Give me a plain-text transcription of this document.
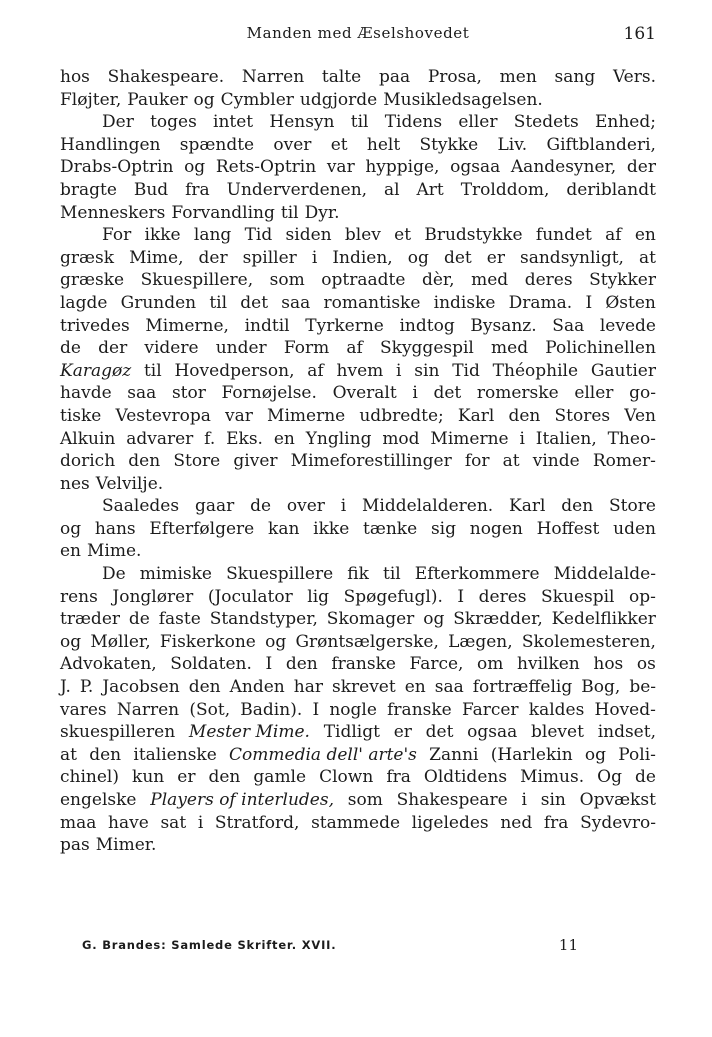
Manden med Æselshovedet	161
hos Shakespeare. Narren talte paa Prosa, men sang Vers.
Fløjter, Pauker og Cymbler udgjorde Musikledsagelsen.
Der toges intet Hensyn til Tidens eller Stedets Enhed;
Handlingen spændte over et helt Stykke Liv. Giftblanderi,
Drabs-Optrin og Rets-Optrin var hyppige, ogsaa Aandesyner, der
bragte Bud fra Underverdenen, al Art Trolddom, deriblandt
Menneskers Forvandling til Dyr.
For ikke lang Tid siden blev et Brudstykke fundet af en
græsk Mime, der spiller i Indien, og det er sandsynligt, at
græske Skuespillere, som optraadte dèr, med deres Stykker
lagde Grunden til det saa romantiske indiske Drama. I Østen
trivedes Mimerne, indtil Tyrkerne indtog Bysanz. Saa levede
de der videre under Form af Skyggespil med Polichinellen
Karagøz til Hovedperson, af hvem i sin Tid Théophile Gautier
havde saa stor Fornøjelse. Overalt i det romerske eller go-
tiske Vestevropa var Mimerne udbredte; Karl den Stores Ven
Alkuin advarer f. Eks. en Yngling mod Mimerne i Italien, Theo-
dorich den Store giver Mimeforestillinger for at vinde Romer-
nes Velvilje.
Saaledes gaar de over i Middelalderen. Karl den Store
og hans Efterfølgere kan ikke tænke sig nogen Hoffest uden
en Mime.
De mimiske Skuespillere fik til Efterkommere Middelalde-
rens Jonglører (Joculator lig Spøgefugl). I deres Skuespil op-
træder de faste Standstyper, Skomager og Skrædder, Kedelflikker
og Møller, Fiskerkone og Grøntsælgerske, Lægen, Skolemesteren,
Advokaten, Soldaten. I den franske Farce, om hvilken hos os
J. P. Jacobsen den Anden har skrevet en saa fortræffelig Bog, be-
vares Narren (Sot, Badin). I nogle franske Farcer kaldes Hoved-
skuespilleren Mester Mime. Tidligt er det ogsaa blevet indset,
at den italienske Commedia dell' arte's Zanni (Harlekin og Poli-
chinel) kun er den gamle Clown fra Oldtidens Mimus. Og de
engelske Players of interludes, som Shakespeare i sin Opvækst
maa have sat i Stratford, stammede ligeledes ned fra Sydevro-
pas Mimer.
G. Brandes: Samlede Skrifter. XVII.	11
